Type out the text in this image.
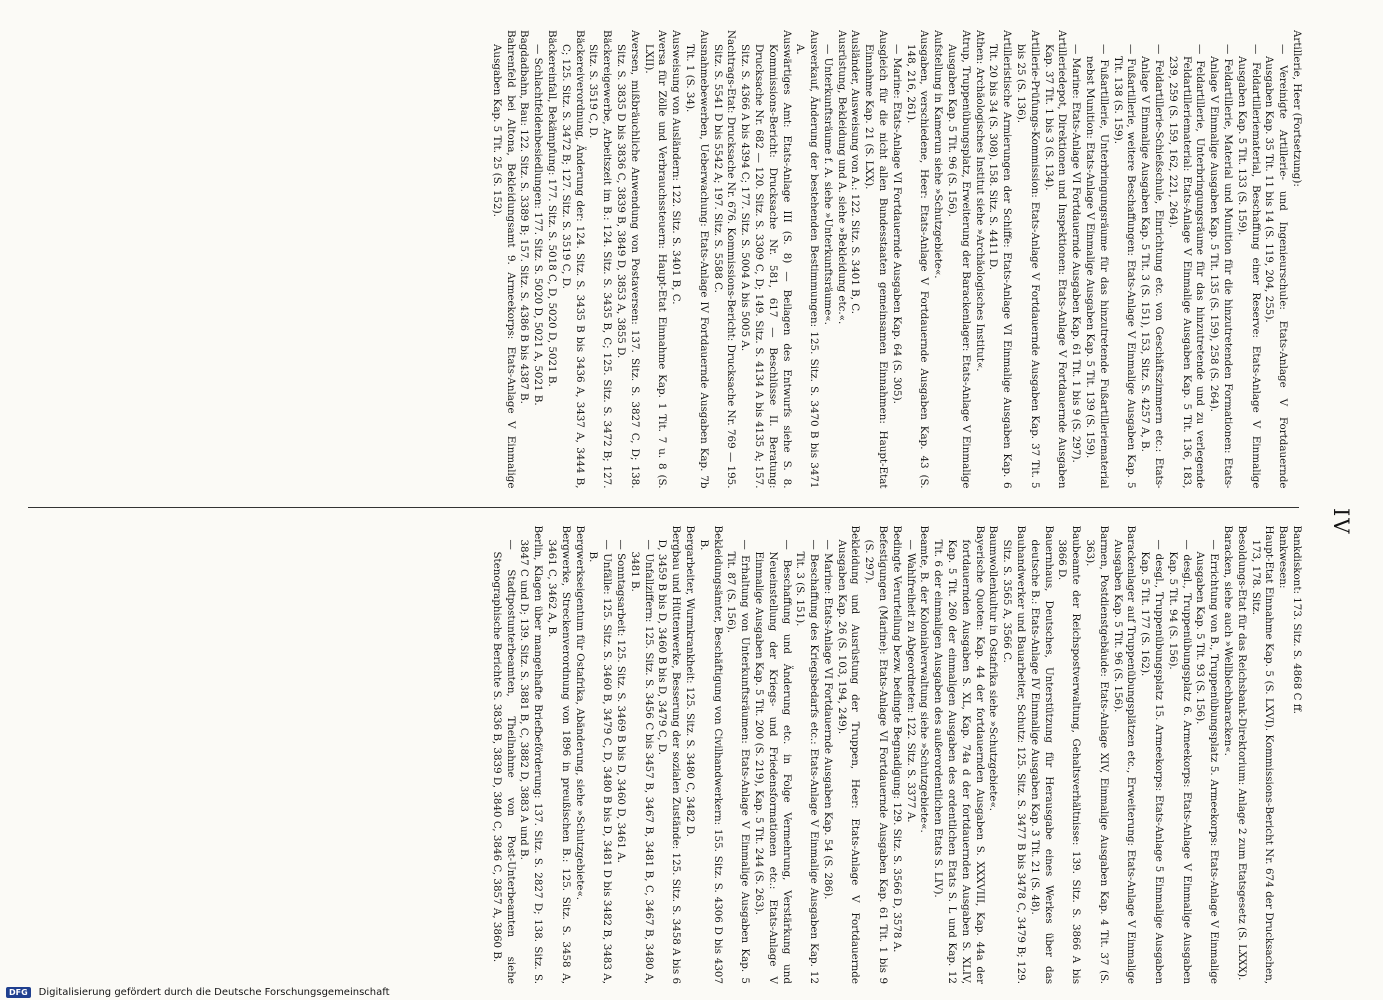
IV

Artillerie, Heer (Fortsetzung):

— Vereinigte Artillerie- und Ingenieurschule: Etats-Anlage V Fortdauernde Ausgaben Kap. 35 Tit. 11 bis 14 (S. 119, 204, 255).

— Feldartilleriematerial, Beschaffung einer Reserve: Etats-Anlage V Einmalige Ausgaben Kap. 5 Tit. 133 (S. 159).

— Feldartillerie, Material und Munition für die hinzutretenden Formationen: Etats-Anlage V Einmalige Ausgaben Kap. 5 Tit. 135 (S. 159), 258 (S. 264).

— Feldartillerie, Unterbringungsräume für das hinzutretende und zu verlegende Feldartilleriematerial: Etats-Anlage V Einmalige Ausgaben Kap. 5 Tit. 136, 183, 239, 259 (S. 159, 162, 221, 264).

— Feldartillerie-Schießschule, Einrichtung etc. von Geschäftszimmern etc.: Etats-Anlage V Einmalige Ausgaben Kap. 5 Tit. 3 (S. 151), 153, Sitz. S. 4257 A, B.

— Fußartillerie, weitere Beschaffungen: Etats-Anlage V Einmalige Ausgaben Kap. 5 Tit. 138 (S. 159).

— Fußartillerie, Unterbringungsräume für das hinzutretende Fußartilleriematerial nebst Munition: Etats-Anlage V Einmalige Ausgaben Kap. 5 Tit. 139 (S. 159).

— Marine: Etats-Anlage VI Fortdauernde Ausgaben Kap. 61 Tit. 1 bis 9 (S. 297).

Artilleriedepot, Direktionen und Inspektionen: Etats-Anlage V Fortdauernde Ausgaben Kap. 37 Tit. 1 bis 3 (S. 134).

Artillerie-Prüfungs-Kommission: Etats-Anlage V Fortdauernde Ausgaben Kap. 37 Tit. 5 bis 25 (S. 136).

Artilleristische Armierungen der Schiffe: Etats-Anlage VI Einmalige Ausgaben Kap. 6 Tit. 20 bis 34 (S. 308). 158. Sitz. S. 4411 D.

Athen: Archäologisches Institut siehe »Archäologisches Institut«.

Atrup, Truppenübungsplatz, Erweiterung der Barackenlager: Etats-Anlage V Einmalige Ausgaben Kap. 5 Tit. 96 (S. 156).

Aufstellung in Kamerun siehe »Schutzgebiete«.

Ausgaben, verschiedene, Heer: Etats-Anlage V Fortdauernde Ausgaben Kap. 43 (S. 148, 216, 261).

— Marine: Etats-Anlage VI Fortdauernde Ausgaben Kap. 64 (S. 305).

Ausgleich für die nicht allen Bundesstaaten gemeinsamen Einnahmen: Haupt-Etat Einnahme Kap. 21 (S. LXX).

Ausländer, Ausweisung von A.: 122. Sitz. S. 3401 B, C.

Ausrüstung, Bekleidung und A. siehe »Bekleidung etc.«.

— Unterkunftsräume f. A. siehe »Unterkunftsräume«.

Ausverkauf, Änderung der bestehenden Bestimmungen: 125. Sitz. S. 3470 B bis 3471 A.

Auswärtiges Amt: Etats-Anlage III (S. 8) — Beilagen des Entwurfs siehe S. 8. Kommissions-Bericht: Drucksache Nr. 581, 617 — Beschlüsse II. Beratung: Drucksache Nr. 682 — 120. Sitz. S. 3309 C, D; 149. Sitz. S. 4134 A bis 4135 A; 157. Sitz. S. 4366 A bis 4394 C; 177. Sitz. S. 5004 A bis 5005 A.

Nachtrags-Etat: Drucksache Nr. 676. Kommissions-Bericht: Drucksache Nr. 769 — 195. Sitz. S. 5541 D bis 5542 A; 197. Sitz. S. 5588 C.

Ausnahmebewerben, Ueberwachung: Etats-Anlage IV Fortdauernde Ausgaben Kap. 7b Tit. 1 (S. 34).

Ausweisung von Ausländern: 122. Sitz. S. 3401 B, C.

Aversa für Zölle und Verbrauchssteuern: Haupt-Etat Einnahme Kap. 1 Tit. 7 u. 8 (S. LXII).

Aversen, mißbräuchliche Anwendung von Postaversen: 137. Sitz. S. 3827 C, D; 138. Sitz. S. 3835 D bis 3836 C, 3839 B, 3849 D, 3853 A, 3855 D.

Bäckereigewerbe, Arbeitszeit im B.: 124. Sitz. S. 3435 B, C; 125. Sitz. S. 3472 B; 127. Sitz. S. 3519 C, D.

Bäckereiverordnung, Änderung der: 124. Sitz. S. 3435 B bis 3436 A, 3437 A, 3444 B, C; 125. Sitz. S. 3472 B; 127. Sitz. S. 3519 C, D.

Bäckereinfall, Bekämpfung: 177. Sitz. S. 5018 C, D, 5020 D, 5021 B.

— Schlachtfeldenbesiedlungen: 177. Sitz. S. 5020 D, 5021 A, 5021 B.

Bagdadbahn, Bau: 122. Sitz. S. 3389 B; 157. Sitz. S. 4386 B bis 4387 B.

Bahrenfeld bei Altona, Bekleidungsamt 9. Armeekorps: Etats-Anlage V Einmalige Ausgaben Kap. 5 Tit. 25 (S. 152).

Bankdiskont: 173. Sitz. S. 4868 C ff.

Bankwesen:

Haupt-Etat Einnahme Kap. 5 (S. LXVI). Kommissions-Bericht Nr. 674 der Drucksachen, 173, 178. Sitz.

Besoldungs-Etat für das Reichsbank-Direktorium: Anlage 2 zum Etatsgesetz (S. LXXX).

Baracken, siehe auch »Wellblechbaracken«.

— Errichtung von B., Truppenübungsplatz 5. Armeekorps: Etats-Anlage V Einmalige Ausgaben Kap. 5 Tit. 93 (S. 156).

— desgl., Truppenübungsplatz 6. Armeekorps: Etats-Anlage V Einmalige Ausgaben Kap. 5 Tit. 94 (S. 156).

— desgl., Truppenübungsplatz 15. Armeekorps: Etats-Anlage 5 Einmalige Ausgaben Kap. 5 Tit. 177 (S. 162).

Barackenlager auf Truppenübungsplätzen etc., Erweiterung: Etats-Anlage V Einmalige Ausgaben Kap. 5 Tit. 96 (S. 156).

Barmen, Postdienstgebäude: Etats-Anlage XIV, Einmalige Ausgaben Kap. 4 Tit. 37 (S. 363).

Baubeamte der Reichspostverwaltung, Gehaltsverhältnisse: 139. Sitz. S. 3866 A bis 3866 D.

Bauernhaus, Deutsches, Unterstützung für Herausgabe eines Werkes über das deutsche B.: Etats-Anlage IV Einmalige Ausgaben Kap. 3 Tit. 21 (S. 48).

Bauhandwerker und Bauarbeiter, Schutz: 125. Sitz. S. 3477 B bis 3478 C, 3479 B; 129. Sitz. S. 3565 A, 3566 C.

Baumwollenkultur in Ostafrika siehe »Schutzgebiete«.

Bayerische Quoten: Kap. 44 der fortdauernden Ausgaben S. XXXVIII, Kap. 44a der fortdauernden Ausgaben S. XL, Kap. 74a d der fortdauernden Ausgaben S. XLIV, Kap. 5 Tit. 260 der einmaligen Ausgaben des ordentlichen Etats S. L und Kap. 12 Tit. 6 der einmaligen Ausgaben des außerordentlichen Etats S. LIV).

Beamte, B. der Kolonialverwaltung siehe »Schutzgebiete«.

— Wahlfreiheit zu Abgeordneten: 122. Sitz. S. 3377 A.

Bedingte Verurteilung bezw. bedingte Begnadigung: 129. Sitz. S. 3566 D, 3578 A.

Befestigungen (Marine): Etats-Anlage VI Fortdauernde Ausgaben Kap. 61 Tit. 1 bis 9 (S. 297).

Bekleidung und Ausrüstung der Truppen, Heer: Etats-Anlage V Fortdauernde Ausgaben Kap. 26 (S. 103, 194, 249).

— Marine: Etats-Anlage VI Fortdauernde Ausgaben Kap. 54 (S. 286).

— Beschaffung des Kriegsbedarfs etc.: Etats-Anlage V Einmalige Ausgaben Kap. 12 Tit. 3 (S. 151).

— Beschaffung und Änderung etc. in Folge Vermehrung, Verstärkung und Neueinstellung der Kriegs- und Friedensformationen etc.: Etats-Anlage V Einmalige Ausgaben Kap. 5 Tit. 200 (S. 219), Kap. 5 Tit. 244 (S. 263).

— Erhaltung von Unterkunftsräumen: Etats-Anlage V Einmalige Ausgaben Kap. 5 Tit. 87 (S. 156).

Bekleidungsämter, Beschäftigung von Civilhandwerkern: 155. Sitz. S. 4306 D bis 4307 B.

Bergarbeiter, Wurmkrankheit: 125. Sitz. S. 3480 C, 3482 D.

Bergbau und Hüttenwerke, Besserung der sozialen Zustände: 125. Sitz. S. 3458 A bis 6 D, 3459 B bis D, 3460 B bis D, 3479 C, D.

— Unfallziffern: 125. Sitz. S. 3456 C bis 3457 B, 3467 B, 3481 B, C, 3467 B, 3480 A, 3481 B.

— Sonntagsarbeit: 125. Sitz. S. 3469 B bis D, 3460 D, 3461 A.

— Unfälle: 125. Sitz. S. 3460 B, 3479 C, D, 3480 B bis D, 3481 D bis 3482 B, 3483 A, B.

Bergwerkseigentum für Ostafrika, Abänderung, siehe »Schutzgebiete«.

Bergwerke, Streckenverordnung von 1896 in preußischen B.: 125. Sitz. S. 3458 A, 3461 C, 3462 A, B.

Berlin, Klagen über mangelhafte Briefbeförderung: 137. Sitz. S. 2827 D; 138. Sitz. S. 3847 C und D; 139. Sitz. S. 3881 B, C, 3882 D, 3883 A und B.

— Stadtpostunterbeamten, Theilnahme von Post-Unterbeamten siehe Stenographische Berichte S. 3836 B, 3839 D, 3840 C, 3846 C, 3857 A, 3860 B.

DFG	Digitalisierung gefördert durch die Deutsche Forschungsgemeinschaft
